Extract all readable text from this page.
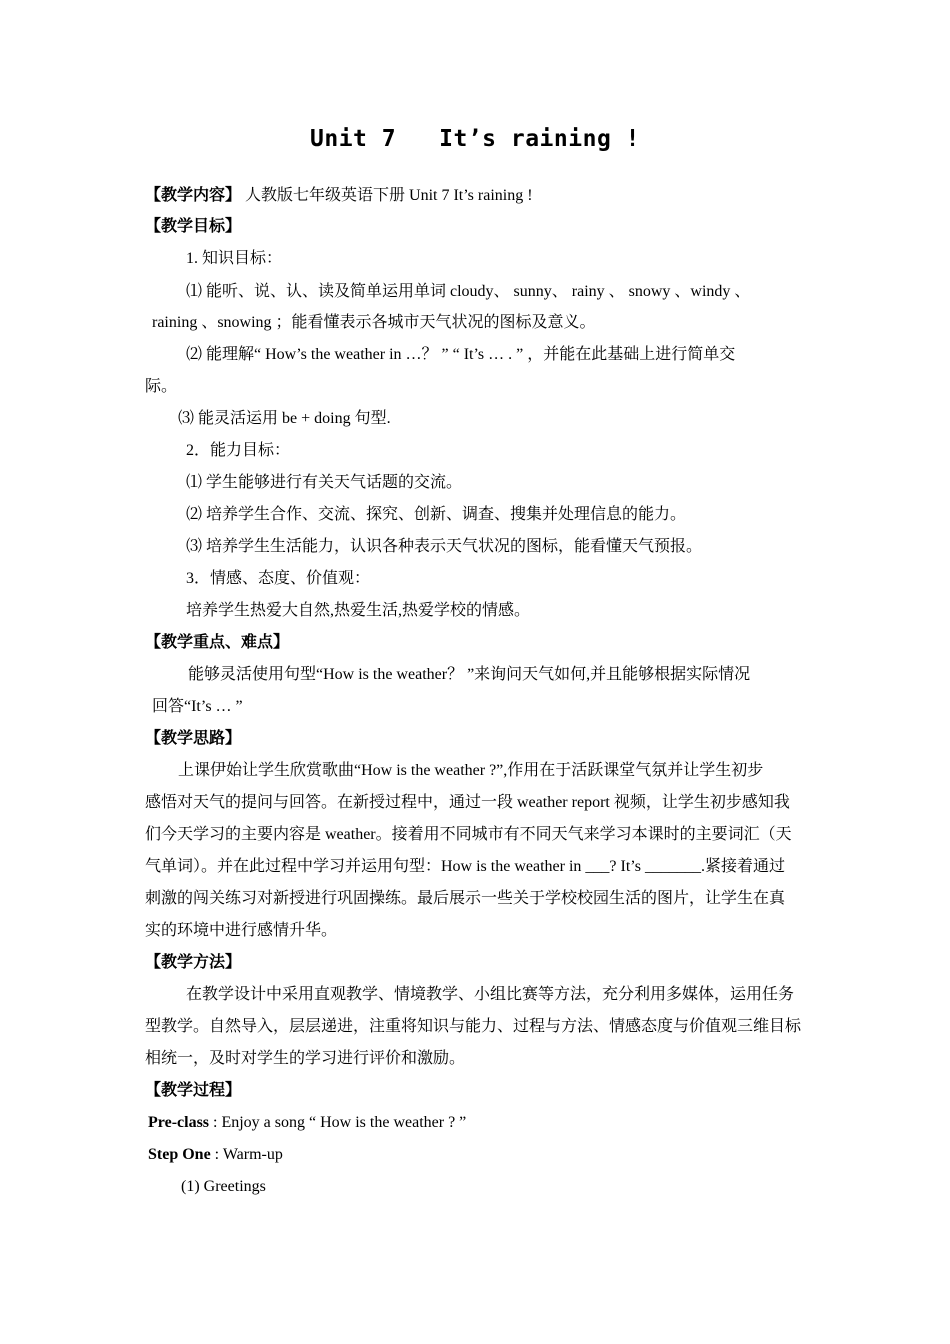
Unit 7   It’s raining !
【教学内容】 人教版七年级英语下册 Unit 7 It’s raining !
【教学目标】
1. 知识目标：
⑴ 能听、说、认、读及简单运用单词 cloudy、 sunny、 rainy 、 snowy 、windy 、
raining 、snowing ；能看懂表示各城市天气状况的图标及意义。
⑵ 能理解“ How’s the weather in …？ ” “ It’s … . ” ，并能在此基础上进行简单交
际。
⑶ 能灵活运用 be + doing 句型.
2．能力目标：
⑴ 学生能够进行有关天气话题的交流。
⑵ 培养学生合作、交流、探究、创新、调查、搜集并处理信息的能力。
⑶ 培养学生生活能力，认识各种表示天气状况的图标，能看懂天气预报。
3．情感、态度、价值观：
培养学生热爱大自然,热爱生活,热爱学校的情感。
【教学重点、难点】
能够灵活使用句型“How is the weather？ ”来询问天气如何,并且能够根据实际情况
回答“It’s … ”
【教学思路】
上课伊始让学生欣赏歌曲“How is the weather ?”,作用在于活跃课堂气氛并让学生初步
感悟对天气的提问与回答。在新授过程中，通过一段 weather report 视频，让学生初步感知我
们今天学习的主要内容是 weather。接着用不同城市有不同天气来学习本课时的主要词汇（天
气单词）。并在此过程中学习并运用句型：How is the weather in ___? It’s _______.紧接着通过
刺激的闯关练习对新授进行巩固操练。最后展示一些关于学校校园生活的图片，让学生在真
实的环境中进行感情升华。
【教学方法】
在教学设计中采用直观教学、情境教学、小组比赛等方法，充分利用多媒体，运用任务
型教学。自然导入，层层递进，注重将知识与能力、过程与方法、情感态度与价值观三维目标
相统一，及时对学生的学习进行评价和激励。
【教学过程】
Pre-class : Enjoy a song “ How is the weather ? ”
Step One : Warm-up
(1) Greetings
